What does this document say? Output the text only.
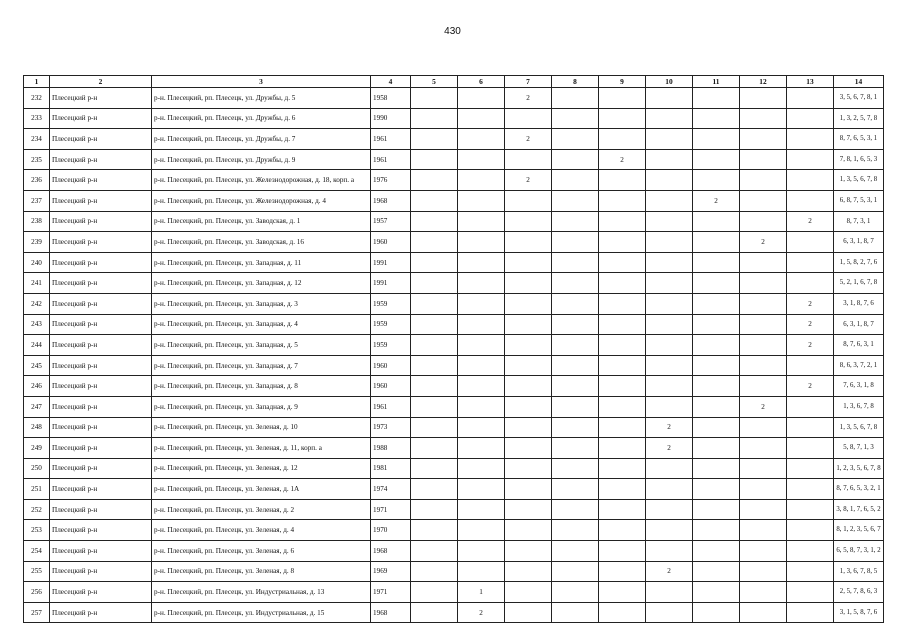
430
1	2	3	4	5	6	7	8	9	10	11	12	13	14
232	Плесецкий р-н	р-н. Плесецкий, рп. Плесецк, ул. Дружбы, д. 5	1958			2							3, 5, 6, 7, 8, 1
233	Плесецкий р-н	р-н. Плесецкий, рп. Плесецк, ул. Дружбы, д. 6	1990										1, 3, 2, 5, 7, 8
234	Плесецкий р-н	р-н. Плесецкий, рп. Плесецк, ул. Дружбы, д. 7	1961			2							8, 7, 6, 5, 3, 1
235	Плесецкий р-н	р-н. Плесецкий, рп. Плесецк, ул. Дружбы, д. 9	1961					2					7, 8, 1, 6, 5, 3
236	Плесецкий р-н	р-н. Плесецкий, рп. Плесецк, ул. Железнодорожная, д. 18, корп. а	1976			2							1, 3, 5, 6, 7, 8
237	Плесецкий р-н	р-н. Плесецкий, рп. Плесецк, ул. Железнодорожная, д. 4	1968							2			6, 8, 7, 5, 3, 1
238	Плесецкий р-н	р-н. Плесецкий, рп. Плесецк, ул. Заводская, д. 1	1957									2	8, 7, 3, 1
239	Плесецкий р-н	р-н. Плесецкий, рп. Плесецк, ул. Заводская, д. 16	1960								2		6, 3, 1, 8, 7
240	Плесецкий р-н	р-н. Плесецкий, рп. Плесецк, ул. Западная, д. 11	1991										1, 5, 8, 2, 7, 6
241	Плесецкий р-н	р-н. Плесецкий, рп. Плесецк, ул. Западная, д. 12	1991										5, 2, 1, 6, 7, 8
242	Плесецкий р-н	р-н. Плесецкий, рп. Плесецк, ул. Западная, д. 3	1959									2	3, 1, 8, 7, 6
243	Плесецкий р-н	р-н. Плесецкий, рп. Плесецк, ул. Западная, д. 4	1959									2	6, 3, 1, 8, 7
244	Плесецкий р-н	р-н. Плесецкий, рп. Плесецк, ул. Западная, д. 5	1959									2	8, 7, 6, 3, 1
245	Плесецкий р-н	р-н. Плесецкий, рп. Плесецк, ул. Западная, д. 7	1960										8, 6, 3, 7, 2, 1
246	Плесецкий р-н	р-н. Плесецкий, рп. Плесецк, ул. Западная, д. 8	1960									2	7, 6, 3, 1, 8
247	Плесецкий р-н	р-н. Плесецкий, рп. Плесецк, ул. Западная, д. 9	1961								2		1, 3, 6, 7, 8
248	Плесецкий р-н	р-н. Плесецкий, рп. Плесецк, ул. Зеленая, д. 10	1973						2				1, 3, 5, 6, 7, 8
249	Плесецкий р-н	р-н. Плесецкий, рп. Плесецк, ул. Зеленая, д. 11, корп. а	1988						2				5, 8, 7, 1, 3
250	Плесецкий р-н	р-н. Плесецкий, рп. Плесецк, ул. Зеленая, д. 12	1981										1, 2, 3, 5, 6, 7, 8
251	Плесецкий р-н	р-н. Плесецкий, рп. Плесецк, ул. Зеленая, д. 1А	1974										8, 7, 6, 5, 3, 2, 1
252	Плесецкий р-н	р-н. Плесецкий, рп. Плесецк, ул. Зеленая, д. 2	1971										3, 8, 1, 7, 6, 5, 2
253	Плесецкий р-н	р-н. Плесецкий, рп. Плесецк, ул. Зеленая, д. 4	1970										8, 1, 2, 3, 5, 6, 7
254	Плесецкий р-н	р-н. Плесецкий, рп. Плесецк, ул. Зеленая, д. 6	1968										6, 5, 8, 7, 3, 1, 2
255	Плесецкий р-н	р-н. Плесецкий, рп. Плесецк, ул. Зеленая, д. 8	1969						2				1, 3, 6, 7, 8, 5
256	Плесецкий р-н	р-н. Плесецкий, рп. Плесецк, ул. Индустриальная, д. 13	1971		1								2, 5, 7, 8, 6, 3
257	Плесецкий р-н	р-н. Плесецкий, рп. Плесецк, ул. Индустриальная, д. 15	1968		2								3, 1, 5, 8, 7, 6
